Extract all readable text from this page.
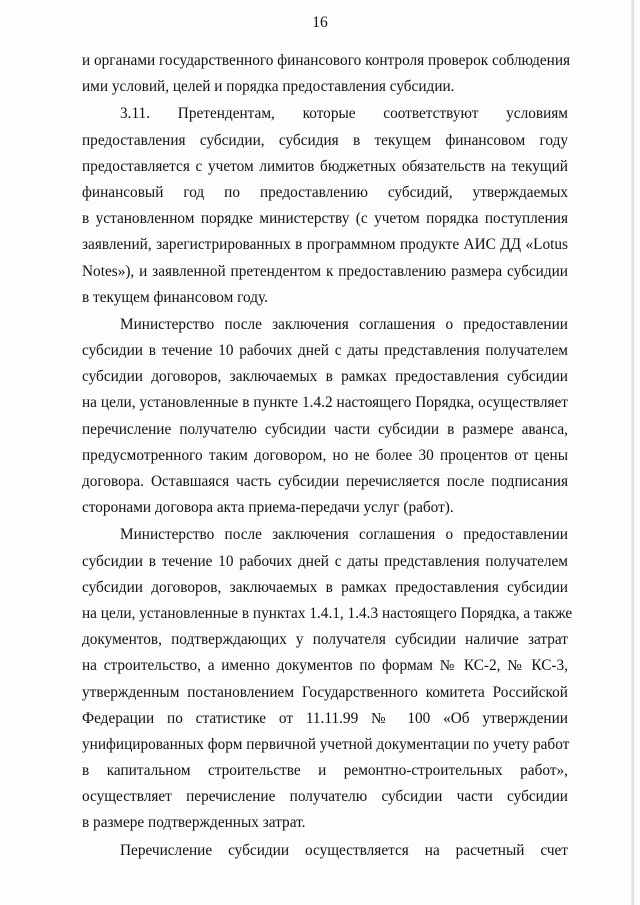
16
и органами государственного финансового контроля проверок соблюдения
ими условий, целей и порядка предоставления субсидии.
3.11. Претендентам, которые соответствуют условиям
предоставления субсидии, субсидия в текущем финансовом году
предоставляется с учетом лимитов бюджетных обязательств на текущий
финансовый год по предоставлению субсидий, утверждаемых
в установленном порядке министерству (с учетом порядка поступления
заявлений, зарегистрированных в программном продукте АИС ДД «Lotus
Notes»), и заявленной претендентом к предоставлению размера субсидии
в текущем финансовом году.
Министерство после заключения соглашения о предоставлении
субсидии в течение 10 рабочих дней с даты представления получателем
субсидии договоров, заключаемых в рамках предоставления субсидии
на цели, установленные в пункте 1.4.2 настоящего Порядка, осуществляет
перечисление получателю субсидии части субсидии в размере аванса,
предусмотренного таким договором, но не более 30 процентов от цены
договора. Оставшаяся часть субсидии перечисляется после подписания
сторонами договора акта приема-передачи услуг (работ).
Министерство после заключения соглашения о предоставлении
субсидии в течение 10 рабочих дней с даты представления получателем
субсидии договоров, заключаемых в рамках предоставления субсидии
на цели, установленные в пунктах 1.4.1, 1.4.3 настоящего Порядка, а также
документов, подтверждающих у получателя субсидии наличие затрат
на строительство, а именно документов по формам № КС-2, № КС-3,
утвержденным постановлением Государственного комитета Российской
Федерации по статистике от 11.11.99 № 100 «Об утверждении
унифицированных форм первичной учетной документации по учету работ
в капитальном строительстве и ремонтно-строительных работ»,
осуществляет перечисление получателю субсидии части субсидии
в размере подтвержденных затрат.
Перечисление субсидии осуществляется на расчетный счет
